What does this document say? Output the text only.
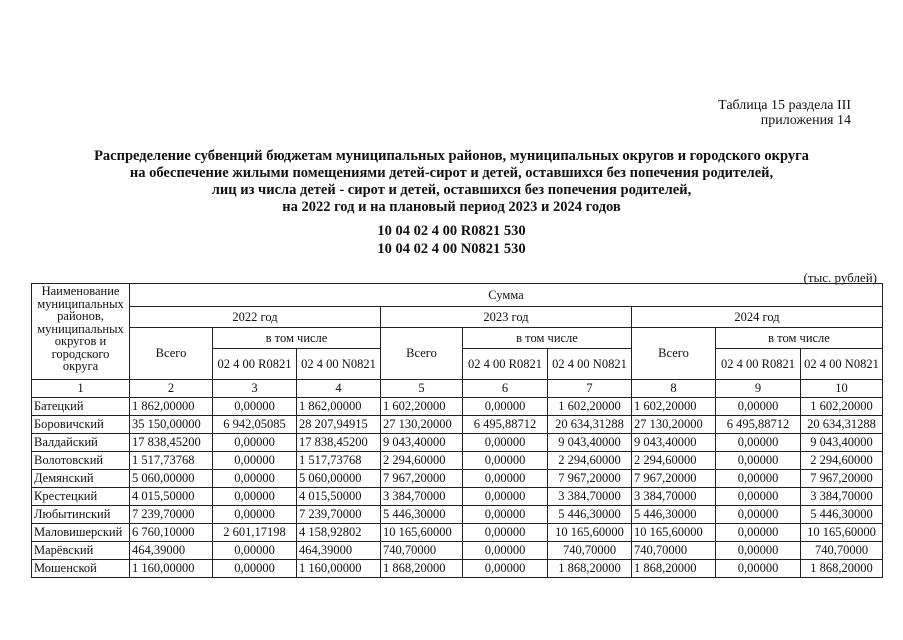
Таблица 15 раздела III
приложения 14
Распределение субвенций бюджетам муниципальных районов, муниципальных округов и городского округа
на обеспечение жилыми помещениями детей-сирот и детей, оставшихся без попечения родителей,
лиц из числа детей - сирот и детей, оставшихся без попечения родителей,
на 2022 год и на плановый период 2023 и 2024 годов
10 04 02 4 00 R0821 530
10 04 02 4 00 N0821 530
(тыс. рублей)
Наименование муниципальных районов, муниципальных округов и городского округа	Сумма								
	2022 год			2023 год			2024 год		
	Всего	в том числе		Всего	в том числе		Всего	в том числе	
		02 4 00 R0821	02 4 00 N0821		02 4 00 R0821	02 4 00 N0821		02 4 00 R0821	02 4 00 N0821
1	2	3	4	5	6	7	8	9	10
Батецкий	1 862,00000	0,00000	1 862,00000	1 602,20000	0,00000	1 602,20000	1 602,20000	0,00000	1 602,20000
Боровичский	35 150,00000	6 942,05085	28 207,94915	27 130,20000	6 495,88712	20 634,31288	27 130,20000	6 495,88712	20 634,31288
Валдайский	17 838,45200	0,00000	17 838,45200	9 043,40000	0,00000	9 043,40000	9 043,40000	0,00000	9 043,40000
Волотовский	1 517,73768	0,00000	1 517,73768	2 294,60000	0,00000	2 294,60000	2 294,60000	0,00000	2 294,60000
Демянский	5 060,00000	0,00000	5 060,00000	7 967,20000	0,00000	7 967,20000	7 967,20000	0,00000	7 967,20000
Крестецкий	4 015,50000	0,00000	4 015,50000	3 384,70000	0,00000	3 384,70000	3 384,70000	0,00000	3 384,70000
Любытинский	7 239,70000	0,00000	7 239,70000	5 446,30000	0,00000	5 446,30000	5 446,30000	0,00000	5 446,30000
Маловишерский	6 760,10000	2 601,17198	4 158,92802	10 165,60000	0,00000	10 165,60000	10 165,60000	0,00000	10 165,60000
Марёвский	464,39000	0,00000	464,39000	740,70000	0,00000	740,70000	740,70000	0,00000	740,70000
Мошенской	1 160,00000	0,00000	1 160,00000	1 868,20000	0,00000	1 868,20000	1 868,20000	0,00000	1 868,20000
